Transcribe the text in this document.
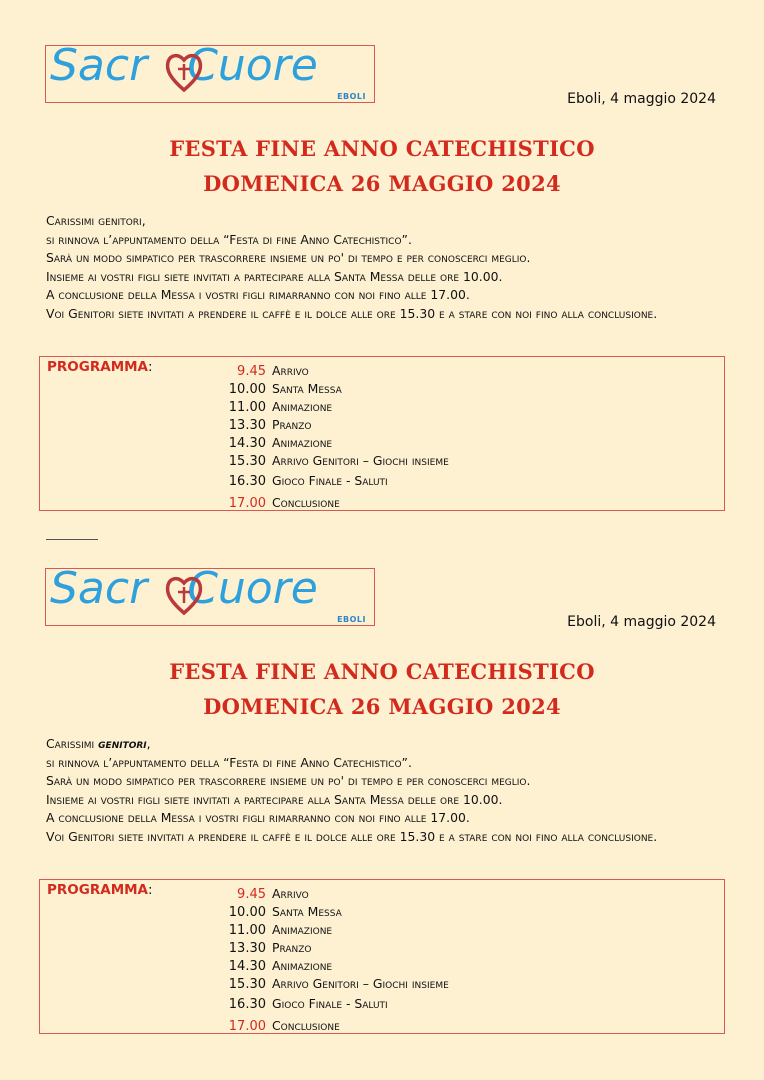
Sacr Cuore
EBOLI	Eboli, 4 maggio 2024
FESTA FINE ANNO CATECHISTICO
DOMENICA 26 MAGGIO 2024
Carissimi genitori,
si rinnova l’appuntamento della “Festa di fine Anno Catechistico”.
Sarà un modo simpatico per trascorrere insieme un po' di tempo e per conoscerci meglio.
Insieme ai vostri figli siete invitati a partecipare alla Santa Messa delle ore 10.00.
A conclusione della Messa i vostri figli rimarranno con noi fino alle 17.00.
Voi Genitori siete invitati a prendere il caffè e il dolce alle ore 15.30 e a stare con noi fino alla conclusione.
PROGRAMMA:	9.45 Arrivo
10.00 Santa Messa
11.00 Animazione
13.30 Pranzo
14.30 Animazione
15.30 Arrivo Genitori – Giochi insieme
16.30 Gioco Finale - Saluti
17.00 Conclusione
Sacr Cuore
EBOLI	Eboli, 4 maggio 2024
FESTA FINE ANNO CATECHISTICO
DOMENICA 26 MAGGIO 2024
Carissimi genitori,
si rinnova l’appuntamento della “Festa di fine Anno Catechistico”.
Sarà un modo simpatico per trascorrere insieme un po' di tempo e per conoscerci meglio.
Insieme ai vostri figli siete invitati a partecipare alla Santa Messa delle ore 10.00.
A conclusione della Messa i vostri figli rimarranno con noi fino alle 17.00.
Voi Genitori siete invitati a prendere il caffè e il dolce alle ore 15.30 e a stare con noi fino alla conclusione.
PROGRAMMA:	9.45 Arrivo
10.00 Santa Messa
11.00 Animazione
13.30 Pranzo
14.30 Animazione
15.30 Arrivo Genitori – Giochi insieme
16.30 Gioco Finale - Saluti
17.00 Conclusione
